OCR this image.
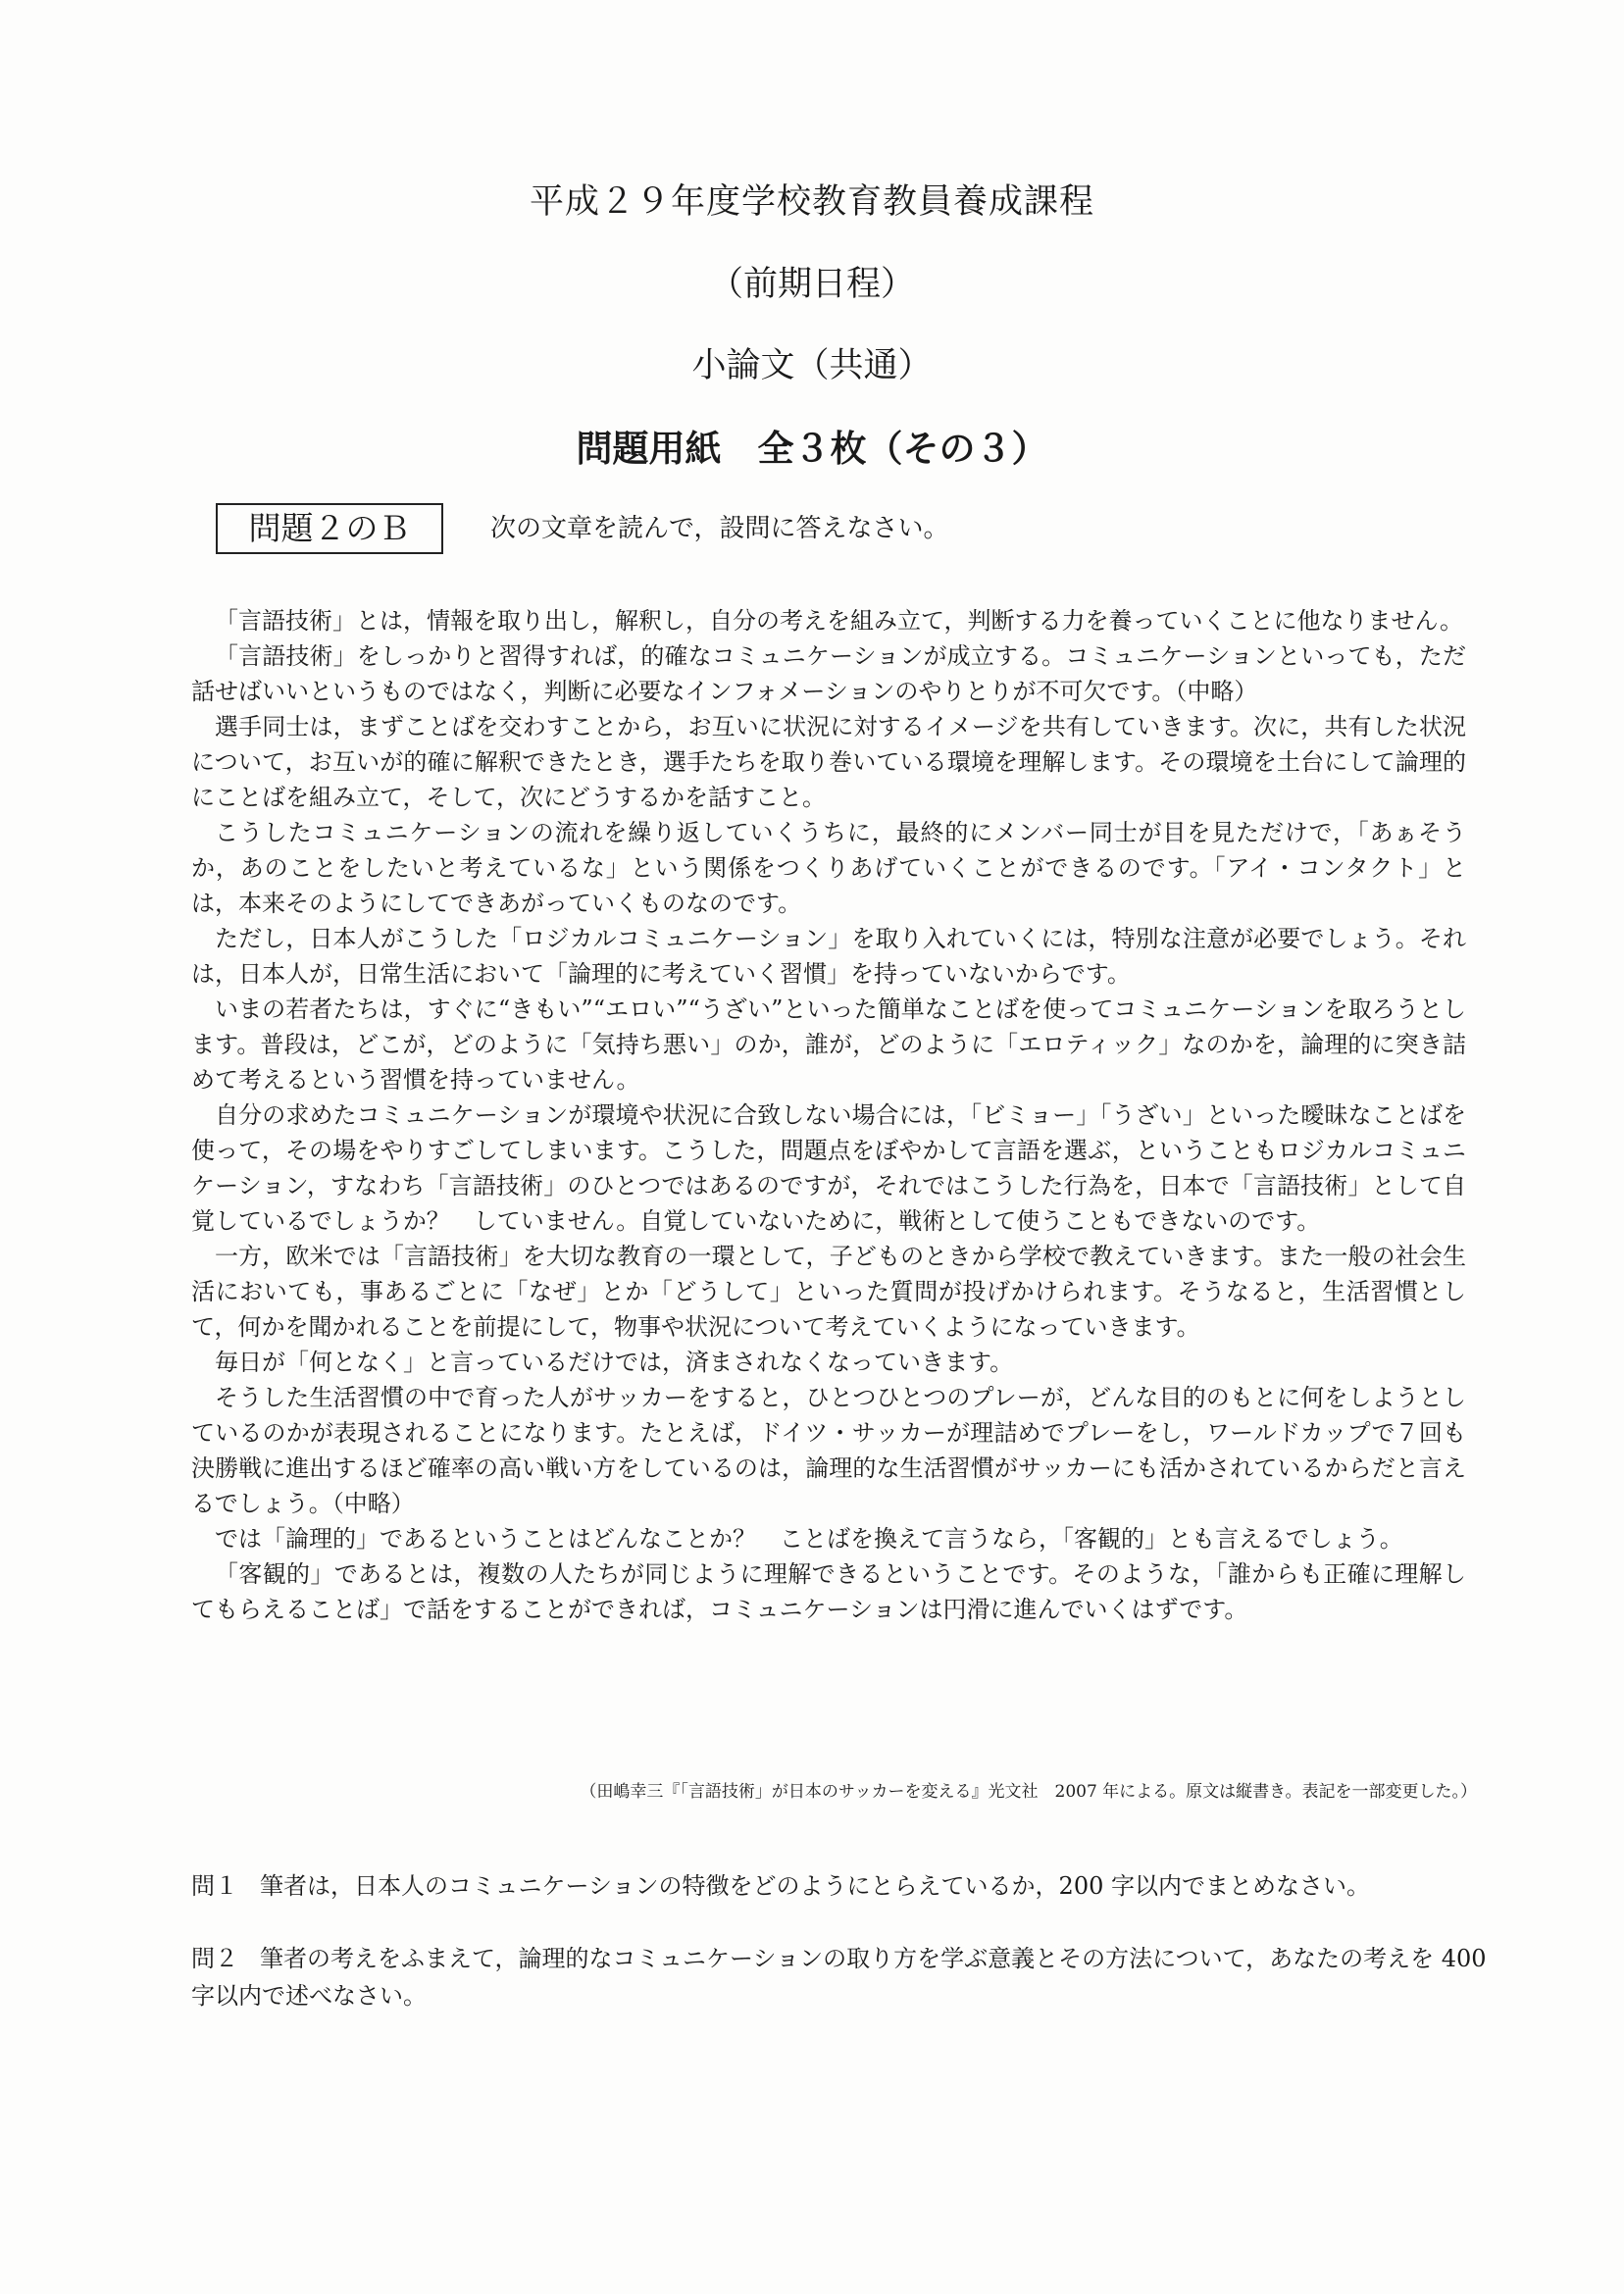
平成２９年度学校教育教員養成課程
（前期日程）
小論文（共通）
問題用紙　全３枚（その３）
問題２のＢ	次の文章を読んで，設問に答えなさい。

「言語技術」とは，情報を取り出し，解釈し，自分の考えを組み立て，判断する力を養っていくことに他なりません。

「言語技術」をしっかりと習得すれば，的確なコミュニケーションが成立する。コミュニケーションといっても，ただ話せばいいというものではなく，判断に必要なインフォメーションのやりとりが不可欠です。（中略）

選手同士は，まずことばを交わすことから，お互いに状況に対するイメージを共有していきます。次に，共有した状況について，お互いが的確に解釈できたとき，選手たちを取り巻いている環境を理解します。その環境を土台にして論理的にことばを組み立て，そして，次にどうするかを話すこと。

こうしたコミュニケーションの流れを繰り返していくうちに，最終的にメンバー同士が目を見ただけで，「あぁそうか，あのことをしたいと考えているな」という関係をつくりあげていくことができるのです。「アイ・コンタクト」とは，本来そのようにしてできあがっていくものなのです。

ただし，日本人がこうした「ロジカルコミュニケーション」を取り入れていくには，特別な注意が必要でしょう。それは，日本人が，日常生活において「論理的に考えていく習慣」を持っていないからです。

いまの若者たちは，すぐに“きもい”“エロい”“うざい”といった簡単なことばを使ってコミュニケーションを取ろうとします。普段は，どこが，どのように「気持ち悪い」のか，誰が，どのように「エロティック」なのかを，論理的に突き詰めて考えるという習慣を持っていません。

自分の求めたコミュニケーションが環境や状況に合致しない場合には，「ビミョー」「うざい」といった曖昧なことばを使って，その場をやりすごしてしまいます。こうした，問題点をぼやかして言語を選ぶ，ということもロジカルコミュニケーション，すなわち「言語技術」のひとつではあるのですが，それではこうした行為を，日本で「言語技術」として自覚しているでしょうか？　していません。自覚していないために，戦術として使うこともできないのです。

一方，欧米では「言語技術」を大切な教育の一環として，子どものときから学校で教えていきます。また一般の社会生活においても，事あるごとに「なぜ」とか「どうして」といった質問が投げかけられます。そうなると，生活習慣として，何かを聞かれることを前提にして，物事や状況について考えていくようになっていきます。

毎日が「何となく」と言っているだけでは，済まされなくなっていきます。

そうした生活習慣の中で育った人がサッカーをすると，ひとつひとつのプレーが，どんな目的のもとに何をしようとしているのかが表現されることになります。たとえば，ドイツ・サッカーが理詰めでプレーをし，ワールドカップで７回も決勝戦に進出するほど確率の高い戦い方をしているのは，論理的な生活習慣がサッカーにも活かされているからだと言えるでしょう。（中略）

では「論理的」であるということはどんなことか？　ことばを換えて言うなら，「客観的」とも言えるでしょう。

「客観的」であるとは，複数の人たちが同じように理解できるということです。そのような，「誰からも正確に理解してもらえることば」で話をすることができれば，コミュニケーションは円滑に進んでいくはずです。

（田嶋幸三『「言語技術」が日本のサッカーを変える』光文社　2007 年による。原文は縦書き。表記を一部変更した。）
問１ 筆者は，日本人のコミュニケーションの特徴をどのようにとらえているか，200 字以内でまとめなさい。
問２ 筆者の考えをふまえて，論理的なコミュニケーションの取り方を学ぶ意義とその方法について，あなたの考えを 400 字以内で述べなさい。
